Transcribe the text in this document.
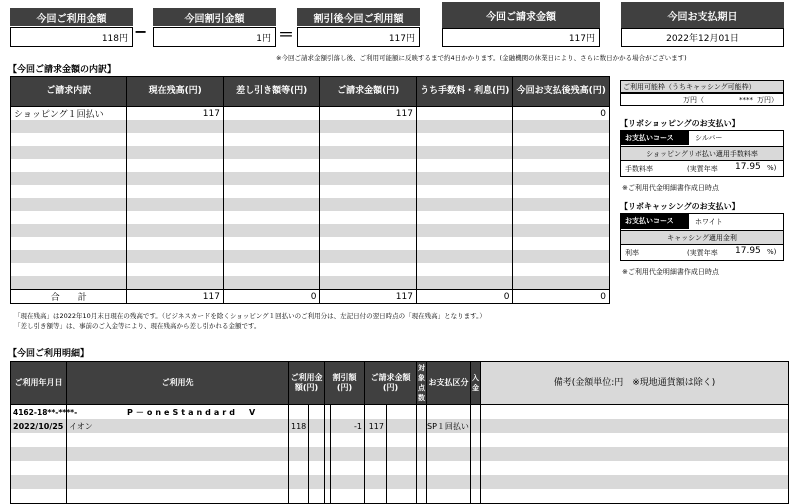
今回ご利用金額
118円 −
今回割引金額
1円 ＝
割引後今回ご利用額
117円
今回ご請求金額
117円
今回お支払期日
2022年12月01日
※今回ご請求金額引落し後、ご利用可能額に反映するまで約4日かかります。(金融機関の休業日により、さらに数日かかる場合がございます)
【今回ご請求金額の内訳】
ご請求内訳	現在残高(円)	差し引き額等(円)	ご請求金額(円)	うち手数料・利息(円)	今回お支払後残高(円)
ショッピング１回払い	117		117		0

合　　計	117	0	117	0	0
「現在残高」は2022年10月末日現在の残高です。（ビジネスカードを除くショッピング１回払いのご利用分は、左記日付の翌日時点の「現在残高」となります。）
「差し引き額等」は、事前のご入金等により、現在残高から差し引かれる金額です。
ご利用可能枠（うちキャッシング可能枠）
万円（	**** 万円）
【リボショッピングのお支払い】
お支払いコース	シルバー
ショッピングリボ払い適用手数料率
手数料率	(実質年率 17.95 %)
※ご利用代金明細書作成日時点
【リボキャッシングのお支払い】
お支払いコース	ホワイト
キャッシング適用金利
利率	(実質年率 17.95 %)
※ご利用代金明細書作成日時点
【今回ご利用明細】
ご利用年月日	ご利用先	ご利用金額(円)		割引額(円)		ご請求金額(円)		対象点数	お支払区分	入金	備考(金額単位:円　※現地通貨額は除く)
4162-18**-****-	P－oneStandard　V										
2022/10/25	イオン	118			-1	117			SP１回払い		
